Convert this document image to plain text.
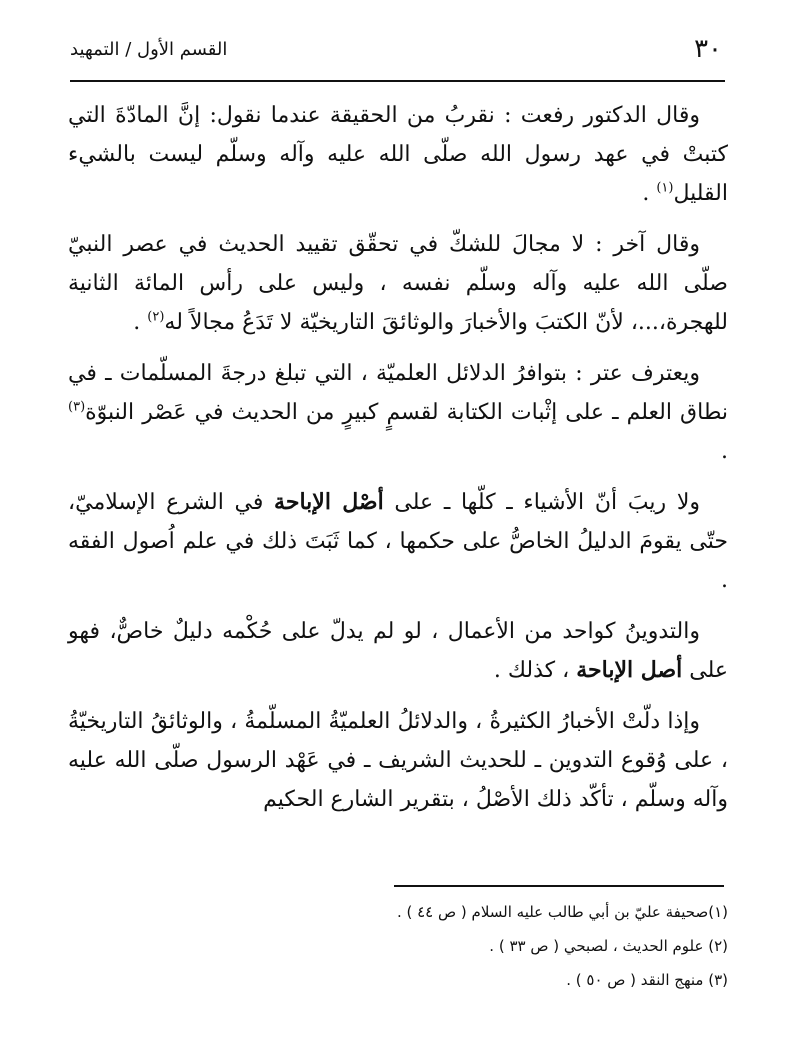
٣٠
القسم الأول / التمهيد

وقال الدكتور رفعت : نقربُ من الحقيقة عندما نقول: إنَّ المادّةَ التي كتبتْ في عهد رسول الله صلّى الله عليه وآله وسلّم ليست بالشيء القليل$^{(١)}$ .

وقال آخر : لا مجالَ للشكّ في تحقّق تقييد الحديث في عصر النبيّ صلّى الله عليه وآله وسلّم نفسه ، وليس على رأس المائة الثانية للهجرة،...، لأنّ الكتبَ والأخبارَ والوثائقَ التاريخيّة لا تَدَعُ مجالاً له$^{(٢)}$ .

ويعترف عتر : بتوافرُ الدلائل العلميّة ، التي تبلغ درجةَ المسلّمات ـ في نطاق العلم ـ على إثْبات الكتابة لقسمٍ كبيرٍ من الحديث في عَصْر النبوّة$^{(٣)}$ .

ولا ريبَ أنّ الأشياء ـ كلّها ـ على أصْل الإباحة في الشرع الإسلاميّ، حتّى يقومَ الدليلُ الخاصُّ على حكمها ، كما ثَبَتَ ذلك في علم اُصول الفقه .

والتدوينُ كواحد من الأعمال ، لو لم يدلّ على حُكْمه دليلٌ خاصٌّ، فهو على أصل الإباحة ، كذلك .

وإذا دلّتْ الأخبارُ الكثيرةُ ، والدلائلُ العلميّةُ المسلّمةُ ، والوثائقُ التاريخيّةُ ، على وُقوع التدوين ـ للحديث الشريف ـ في عَهْد الرسول صلّى الله عليه وآله وسلّم ، تأكّد ذلك الأصْلُ ، بتقرير الشارع الحكيم

(١)صحيفة عليّ بن أبي طالب عليه السلام ( ص ٤٤ ) .

(٢) علوم الحديث ، لصبحي ( ص ٣٣ ) .

(٣) منهج النقد ( ص ٥٠ ) .
